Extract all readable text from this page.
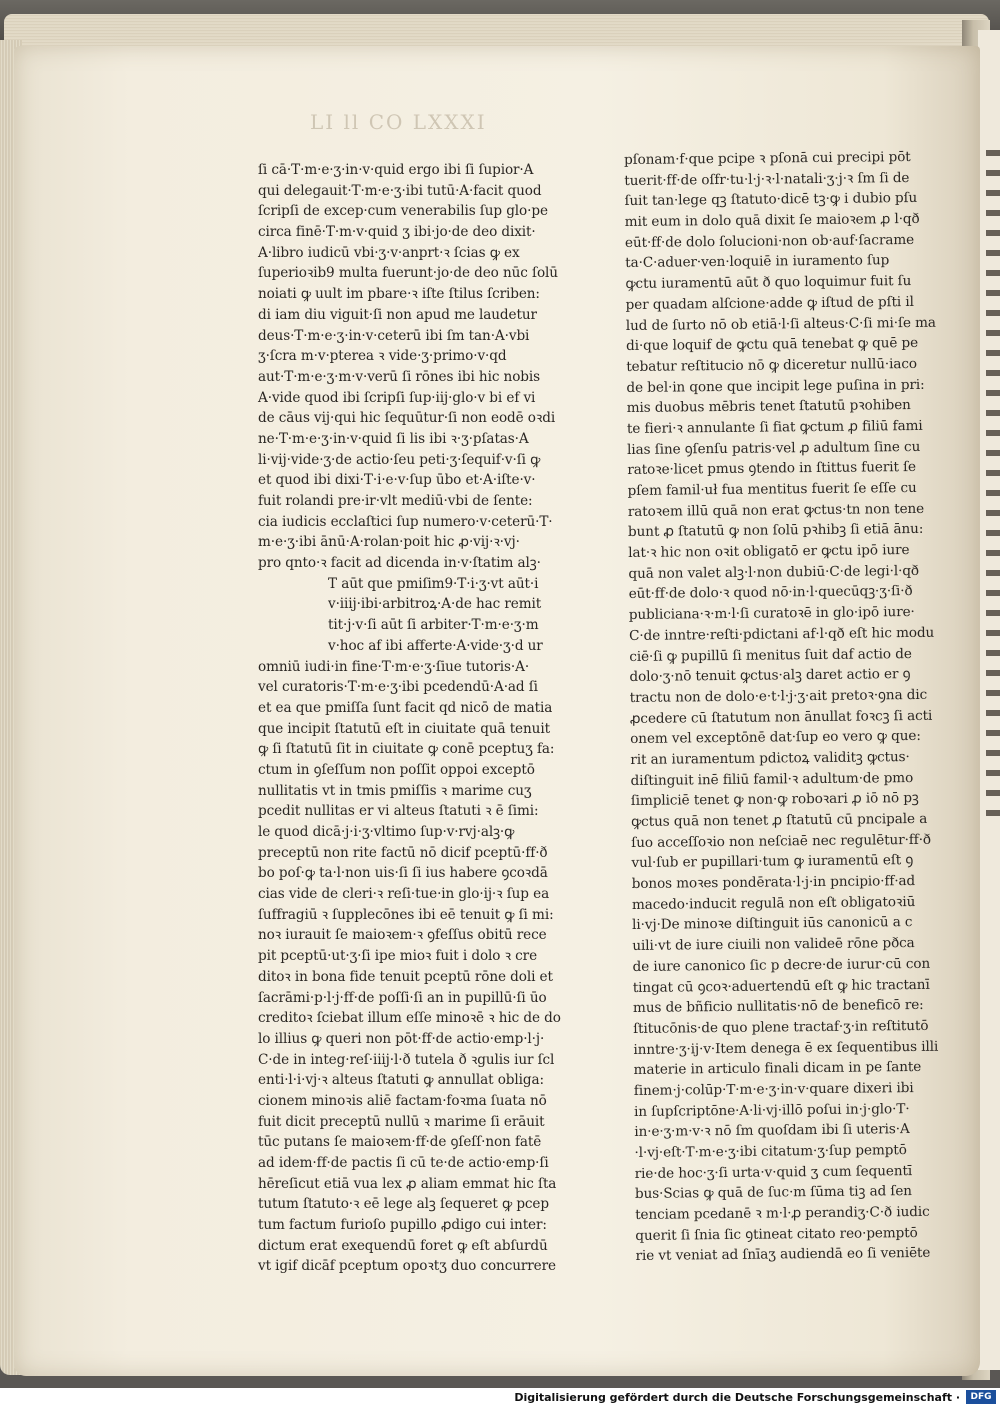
LI ll CO LXXXI
ſi cā·T·m·e·ʒ·in·v·quid ergo ibi ſi ſupior·A
qui delegauit·T·m·e·ʒ·ibi tutū·A·facit quod
ſcripſi de excep·cum venerabilis ſup glo·pe
circa finē·T·m·v·quid ʒ ibi·jo·de deo dixit·
A·libro iudicū vbi·ʒ·v·anprt·ꝛ ſcias ꝙ ex
ſuperioꝛib9 multa fuerunt·jo·de deo nūc ſolū
noiati ꝙ uult im pbare·ꝛ iſte ſtilus ſcriben:
di iam diu viguit·ſi non apud me laudetur
deus·T·m·e·ʒ·in·v·ceterū ibi ſm tan·A·vbi
ʒ·ſcra m·v·pterea ꝛ vide·ʒ·primo·v·qd
aut·T·m·e·ʒ·m·v·verū ſi rōnes ibi hic nobis
A·vide quod ibi ſcripſi ſup·iij·glo·v bi ef vi
de cāus vij·qui hic ſequūtur·ſi non eodē oꝛdi
ne·T·m·e·ʒ·in·v·quid ſi lis ibi ꝛ·ʒ·pſatas·A
li·vij·vide·ʒ·de actio·ſeu peti·ʒ·ſequif·v·ſi ꝙ
et quod ibi dixi·T·i·e·v·ſup ūbo et·A·iſte·v·
fuit rolandi pre·ir·vlt mediū·vbi de ſente:
cia iudicis ecclaſtici ſup numero·v·ceterū·T·
m·e·ʒ·ibi ānū·A·rolan·poit hic ꝓ·vij·ꝛ·vj·
pro qnto·ꝛ facit ad dicenda in·v·ſtatim alꝫ·
T aūt que pmiſim9·T·i·ʒ·vt aūt·i
v·iiij·ibi·arbitroꝝ·A·de hac remit
tit·j·v·ſi aūt ſi arbiter·T·m·e·ʒ·m
v·hoc af ibi afferte·A·vide·ʒ·d ur
omniū iudi·in fine·T·m·e·ʒ·ſiue tutoris·A·
vel curatoris·T·m·e·ʒ·ibi pcedendū·A·ad ſi
et ea que pmiſſa ſunt facit qd nicō de matia
que incipit ſtatutū eſt in ciuitate quā tenuit
ꝙ ſi ſtatutū ſit in ciuitate ꝙ conē pceptuʒ fa:
ctum in ꝯſeſſum non poſſit oppoi exceptō
nullitatis vt in tmis pmiſſis ꝛ marime cuʒ
pcedit nullitas er vi alteus ſtatuti ꝛ ē ſimi:
le quod dicā·j·i·ʒ·vltimo ſup·v·rvj·alꝫ·ꝙ
preceptū non rite factū nō dicif pceptū·ff·ð
bo poſ·ꝙ ta·l·non uis·ſi ſi ius habere ꝯcoꝛdā
cias vide de cleri·ꝛ reſi·tue·in glo·ij·ꝛ ſup ea
ſuffragiū ꝛ ſupplecōnes ibi eē tenuit ꝙ ſi mi:
noꝛ iurauit ſe maioꝛem·ꝛ ꝯfeſſus obitū rece
pit pceptū·ut·ʒ·ſi ipe mioꝛ fuit i dolo ꝛ cre
ditoꝛ in bona fide tenuit pceptū rōne doli et
ſacrāmi·p·l·j·ff·de poſſi·ſi an in pupillū·ſi ūo
creditoꝛ ſciebat illum eſſe minoꝛē ꝛ hic de do
lo illius ꝙ queri non pōt·ff·de actio·emp·l·j·
C·de in integ·reſ·iiij·l·ð tutela ð ꝛgulis iur ſcl
enti·l·i·vj·ꝛ alteus ſtatuti ꝙ annullat obliga:
cionem minoꝛis aliē factam·foꝛma ſuata nō
fuit dicit preceptū nullū ꝛ marime ſi erāuit
tūc putans ſe maioꝛem·ff·de ꝯſeſſ·non fatē
ad idem·ff·de pactis ſi cū te·de actio·emp·ſi
hēreſicut etiā vua lex ꝓ aliam emmat hic ſta
tutum ſtatuto·ꝛ eē lege alꝫ ſequeret ꝙ pcep
tum factum furioſo pupillo ꝓdigo cui inter:
dictum erat exequendū foret ꝙ eſt abſurdū
vt igif dicāf pceptum opoꝛtʒ duo concurrere
pſonam·f·que pcipe ꝛ pſonā cui precipi pōt
tuerit·ff·de oſfr·tu·l·j·ꝛ·l·natali·ʒ·j·ꝛ ſm ſi de
ſuit tan·lege qꝫ ſtatuto·dicē tꝫ·ꝙ i dubio pſu
mit eum in dolo quā dixit ſe maioꝛem ꝓ l·qð
eūt·ff·de dolo ſolucioni·non ob·auf·ſacrame
ta·C·aduer·ven·loquiē in iuramento ſup
ꝙctu iuramentū aūt ð quo loquimur fuit ſu
per quadam alſcione·adde ꝙ iſtud de pſti il
lud de ſurto nō ob etiā·l·ſi alteus·C·ſi mi·ſe ma
di·que loquif de ꝙctu quā tenebat ꝙ quē pe
tebatur reſtitucio nō ꝙ diceretur nullū·iaco
de bel·in qone que incipit lege puſina in pri:
mis duobus mēbris tenet ſtatutū pꝛohiben
te fieri·ꝛ annulante ſi fiat ꝙctum ꝓ filiū fami
lias ſine ꝯſenſu patris·vel ꝓ adultum ſine cu
ratoꝛe·licet pmus ꝯtendo in ſtittus fuerit ſe
pſem famil·uł fua mentitus fuerit ſe eſſe cu
ratoꝛem illū quā non erat ꝙctus·tn non tene
bunt ꝓ ſtatutū ꝙ non ſolū pꝛhibꝫ ſi etiā ānu:
lat·ꝛ hic non oꝛit obligatō er ꝙctu ipō iure
quā non valet alꝫ·l·non dubiū·C·de legi·l·qð
eūt·ff·de dolo·ꝛ quod nō·in·l·quecūqꝫ·ʒ·ſi·ð
publiciana·ꝛ·m·l·ſi curatoꝛē in glo·ipō iure·
C·de inntre·reſti·pdictani af·l·qð eſt hic modu
ciē·ſi ꝙ pupillū ſi menitus ſuit daf actio de
dolo·ʒ·nō tenuit ꝙctus·alꝫ daret actio er ꝯ
tractu non de dolo·e·t·l·j·ʒ·ait pretoꝛ·ꝯna dic
ꝓcedere cū ſtatutum non ānullat foꝛcꝫ ſi acti
onem vel exceptōnē dat·ſup eo vero ꝙ que:
rit an iuramentum pdictoꝝ validitꝫ ꝙctus·
diſtinguit inē filiū famil·ꝛ adultum·de pmo
ſimpliciē tenet ꝙ non·ꝙ roboꝛari ꝓ iō nō pꝫ
ꝙctus quā non tenet ꝓ ſtatutū cū pncipale a
ſuo acceſſoꝛio non neſciaē nec regulētur·ff·ð
vul·ſub er pupillari·tum ꝙ iuramentū eſt ꝯ
bonos moꝛes pondērata·l·j·in pncipio·ff·ad
macedo·inducit regulā non eſt obligatoꝛiū
li·vj·De minoꝛe diſtinguit iūs canonicū a c
uili·vt de iure ciuili non valideē rōne pðca
de iure canonico ſic p decre·de iurur·cū con
tingat cū ꝯcoꝛ·aduertendū eſt ꝙ hic tractanī
mus de bñficio nullitatis·nō de beneficō re:
ſtitucōnis·de quo plene tractaf·ʒ·in reſtitutō
inntre·ʒ·ij·v·Item denega ē ex ſequentibus illi
materie in articulo finali dicam in pe ſante
finem·j·colūp·T·m·e·ʒ·in·v·quare dixeri ibi
in ſupſcriptōne·A·li·vj·illō poſui in·j·glo·T·
in·e·ʒ·m·v·ꝛ nō ſm quoſdam ibi ſi uteris·A
·l·vj·eſt·T·m·e·ʒ·ibi citatum·ʒ·ſup pemptō
rie·de hoc·ʒ·ſi urta·v·quid ʒ cum ſequentī
bus·Scias ꝙ quā de ſuc·m ſūma tiꝫ ad ſen
tenciam pcedanē ꝛ m·l·ꝓ perandiʒ·C·ð iudic
querit ſi ſnia ſic ꝯtineat citato reo·pemptō
rie vt veniat ad ſnīaʒ audiendā eo ſi veniēte
Digitalisierung gefördert durch die Deutsche Forschungsgemeinschaft ·	DFG
